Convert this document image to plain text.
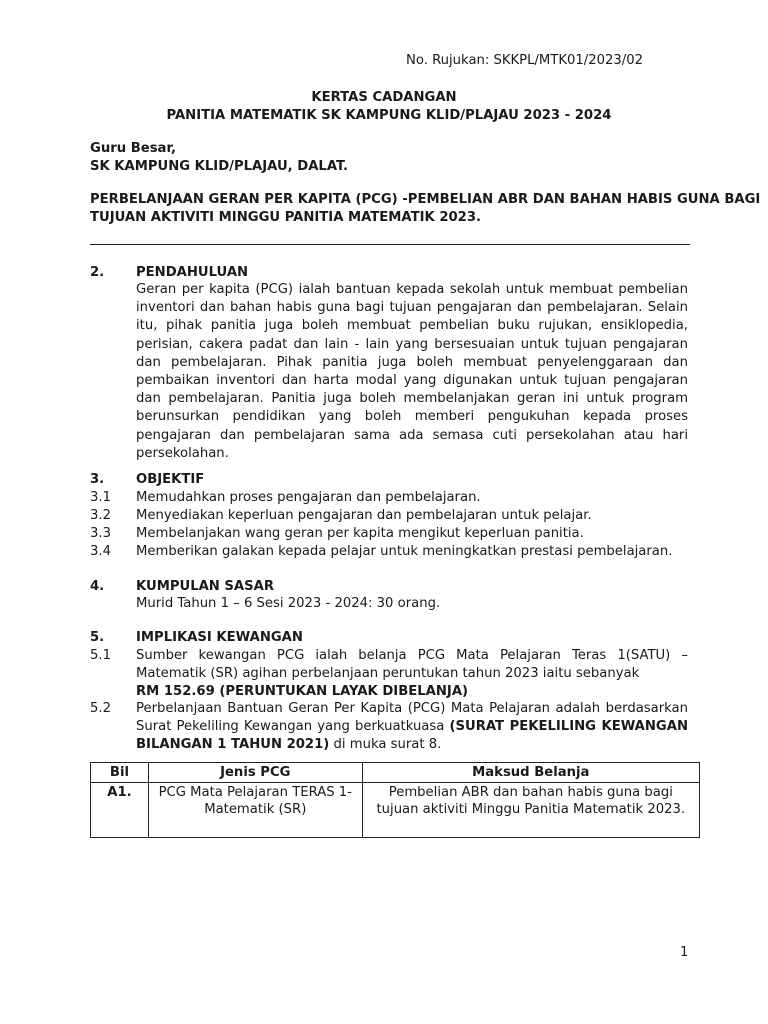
No. Rujukan: SKKPL/MTK01/2023/02
KERTAS CADANGAN
PANITIA MATEMATIK SK KAMPUNG KLID/PLAJAU 2023 - 2024
Guru Besar,
SK KAMPUNG KLID/PLAJAU, DALAT.
PERBELANJAAN GERAN PER KAPITA (PCG) -PEMBELIAN ABR DAN BAHAN HABIS GUNA BAGI
TUJUAN AKTIVITI MINGGU PANITIA MATEMATIK 2023.
2. PENDAHULUAN
Geran per kapita (PCG) ialah bantuan kepada sekolah untuk membuat pembelian inventori dan bahan habis guna bagi tujuan pengajaran dan pembelajaran. Selain itu, pihak panitia juga boleh membuat pembelian buku rujukan, ensiklopedia, perisian, cakera padat dan lain - lain yang bersesuaian untuk tujuan pengajaran dan pembelajaran. Pihak panitia juga boleh membuat penyelenggaraan dan pembaikan inventori dan harta modal yang digunakan untuk tujuan pengajaran dan pembelajaran. Panitia juga boleh membelanjakan geran ini untuk program berunsurkan pendidikan yang boleh memberi pengukuhan kepada proses pengajaran dan pembelajaran sama ada semasa cuti persekolahan atau hari persekolahan.
3. OBJEKTIF
3.1 Memudahkan proses pengajaran dan pembelajaran.
3.2 Menyediakan keperluan pengajaran dan pembelajaran untuk pelajar.
3.3 Membelanjakan wang geran per kapita mengikut keperluan panitia.
3.4 Memberikan galakan kepada pelajar untuk meningkatkan prestasi pembelajaran.
4. KUMPULAN SASAR
Murid Tahun 1 – 6 Sesi 2023 - 2024: 30 orang.
5. IMPLIKASI KEWANGAN
5.1 Sumber kewangan PCG ialah belanja PCG Mata Pelajaran Teras 1(SATU) – Matematik (SR) agihan perbelanjaan peruntukan tahun 2023 iaitu sebanyak
RM 152.69 (PERUNTUKAN LAYAK DIBELANJA)
5.2 Perbelanjaan Bantuan Geran Per Kapita (PCG) Mata Pelajaran adalah berdasarkan Surat Pekeliling Kewangan yang berkuatkuasa (SURAT PEKELILING KEWANGAN BILANGAN 1 TAHUN 2021) di muka surat 8.
Bil	Jenis PCG	Maksud Belanja
A1.	PCG Mata Pelajaran TERAS 1- Matematik (SR)	Pembelian ABR dan bahan habis guna bagi tujuan aktiviti Minggu Panitia Matematik 2023.
1
